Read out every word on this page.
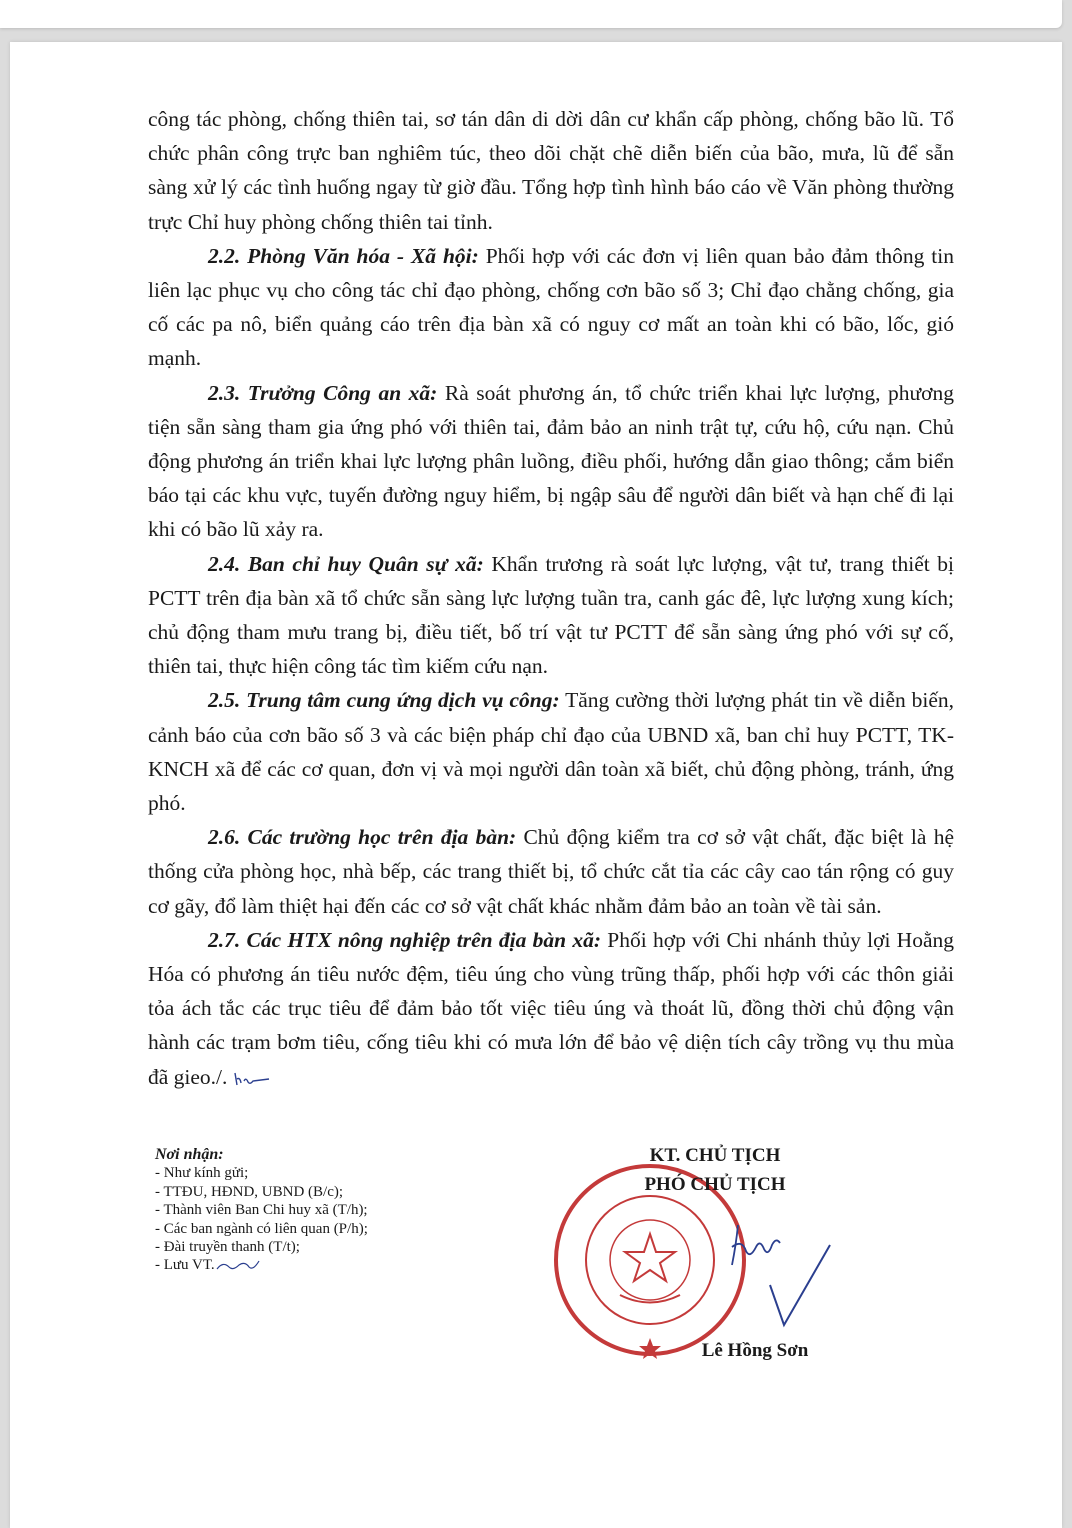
công tác phòng, chống thiên tai, sơ tán dân di dời dân cư khẩn cấp phòng, chống bão lũ. Tổ chức phân công trực ban nghiêm túc, theo dõi chặt chẽ diễn biến của bão, mưa, lũ để sẵn sàng xử lý các tình huống ngay từ giờ đầu. Tổng hợp tình hình báo cáo về Văn phòng thường trực Chỉ huy phòng chống thiên tai tỉnh.

2.2. Phòng Văn hóa - Xã hội: Phối hợp với các đơn vị liên quan bảo đảm thông tin liên lạc phục vụ cho công tác chỉ đạo phòng, chống cơn bão số 3; Chỉ đạo chằng chống, gia cố các pa nô, biển quảng cáo trên địa bàn xã có nguy cơ mất an toàn khi có bão, lốc, gió mạnh.

2.3. Trưởng Công an xã: Rà soát phương án, tổ chức triển khai lực lượng, phương tiện sẵn sàng tham gia ứng phó với thiên tai, đảm bảo an ninh trật tự, cứu hộ, cứu nạn. Chủ động phương án triển khai lực lượng phân luồng, điều phối, hướng dẫn giao thông; cắm biển báo tại các khu vực, tuyến đường nguy hiểm, bị ngập sâu để người dân biết và hạn chế đi lại khi có bão lũ xảy ra.

2.4. Ban chỉ huy Quân sự xã: Khẩn trương rà soát lực lượng, vật tư, trang thiết bị PCTT trên địa bàn xã tổ chức sẵn sàng lực lượng tuần tra, canh gác đê, lực lượng xung kích; chủ động tham mưu trang bị, điều tiết, bố trí vật tư PCTT để sẵn sàng ứng phó với sự cố, thiên tai, thực hiện công tác tìm kiếm cứu nạn.

2.5. Trung tâm cung ứng dịch vụ công: Tăng cường thời lượng phát tin về diễn biến, cảnh báo của cơn bão số 3 và các biện pháp chỉ đạo của UBND xã, ban chỉ huy PCTT, TK-KNCH xã để các cơ quan, đơn vị và mọi người dân toàn xã biết, chủ động phòng, tránh, ứng phó.

2.6. Các trường học trên địa bàn: Chủ động kiểm tra cơ sở vật chất, đặc biệt là hệ thống cửa phòng học, nhà bếp, các trang thiết bị, tổ chức cắt tỉa các cây cao tán rộng có guy cơ gãy, đổ làm thiệt hại đến các cơ sở vật chất khác nhằm đảm bảo an toàn về tài sản.

2.7. Các HTX nông nghiệp trên địa bàn xã: Phối hợp với Chi nhánh thủy lợi Hoằng Hóa có phương án tiêu nước đệm, tiêu úng cho vùng trũng thấp, phối hợp với các thôn giải tỏa ách tắc các trục tiêu để đảm bảo tốt việc tiêu úng và thoát lũ, đồng thời chủ động vận hành các trạm bơm tiêu, cống tiêu khi có mưa lớn để bảo vệ diện tích cây trồng vụ thu mùa đã gieo./.

Nơi nhận:
- Như kính gửi;
- TTĐU, HĐND, UBND (B/c);
- Thành viên Ban Chi huy xã (T/h);
- Các ban ngành có liên quan (P/h);
- Đài truyền thanh (T/t);
- Lưu VT.
KT. CHỦ TỊCH
PHÓ CHỦ TỊCH
Lê Hồng Sơn
